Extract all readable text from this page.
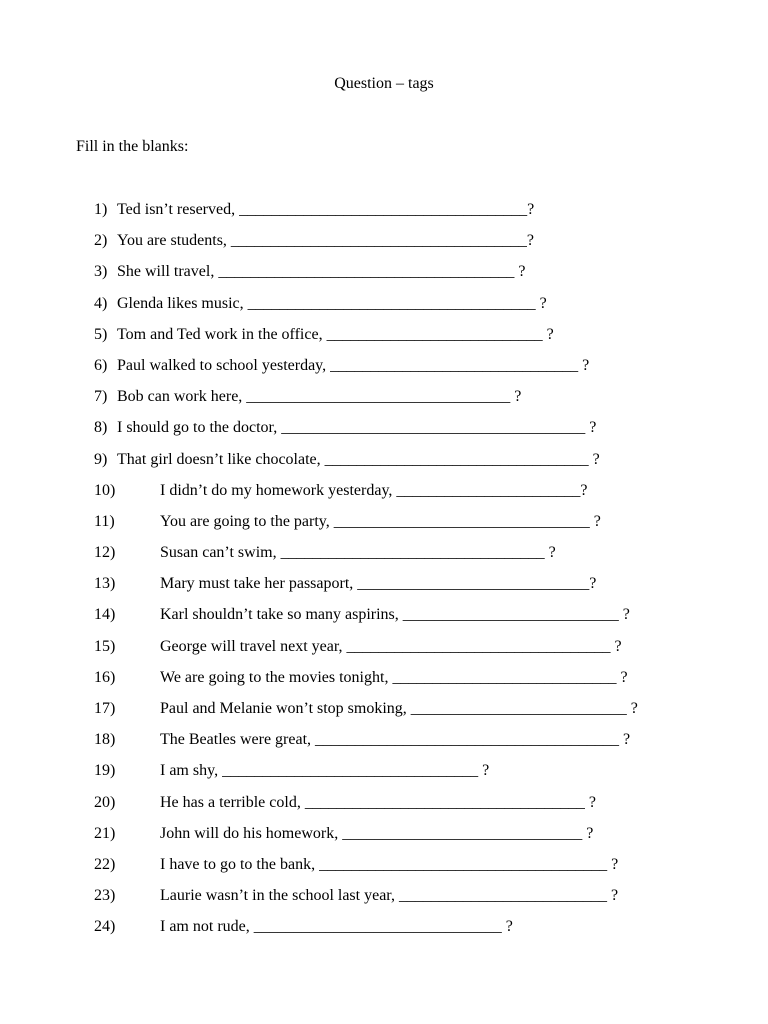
Question – tags
Fill in the blanks:
1) Ted isn’t reserved, ____________________________________?
2) You are students, _____________________________________?
3) She will travel, _____________________________________ ?
4) Glenda likes music, ____________________________________ ?
5) Tom and Ted work in the office, ___________________________ ?
6) Paul walked to school yesterday, _______________________________ ?
7) Bob can work here, _________________________________ ?
8) I should go to the doctor, ______________________________________ ?
9) That girl doesn’t like chocolate, _________________________________ ?
10)	I didn’t do my homework yesterday, _______________________?
11)	You are going to the party, ________________________________ ?
12)	Susan can’t swim, _________________________________ ?
13)	Mary must take her passaport, _____________________________?
14)	Karl shouldn’t take so many aspirins, ___________________________ ?
15)	George will travel next year, _________________________________ ?
16)	We are going to the movies tonight, ____________________________ ?
17)	Paul and Melanie won’t stop smoking, ___________________________ ?
18)	The Beatles were great, ______________________________________ ?
19)	I am shy, ________________________________ ?
20)	He has a terrible cold, ___________________________________ ?
21)	John will do his homework, ______________________________ ?
22)	I have to go to the bank, ____________________________________ ?
23)	Laurie wasn’t in the school last year, __________________________ ?
24)	I am not rude, _______________________________ ?
